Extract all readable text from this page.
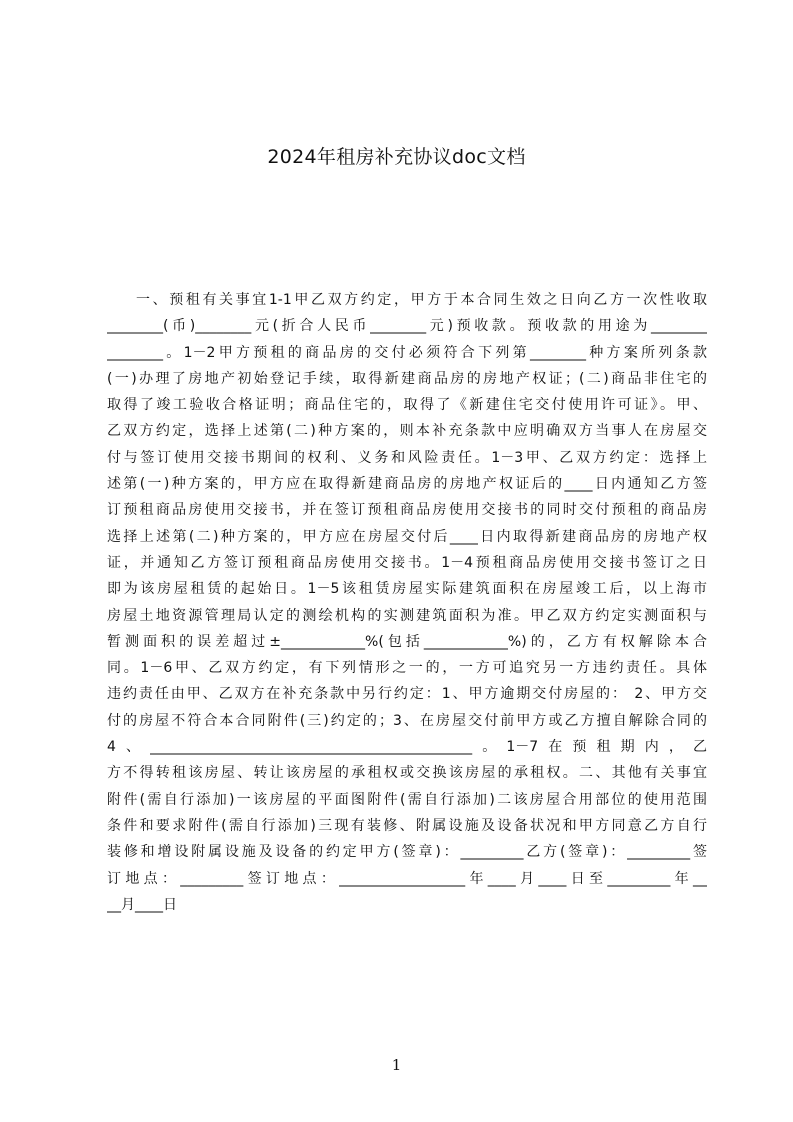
2024年租房补充协议doc文档
一、预租有关事宜1-1甲乙双方约定，甲方于本合同生效之日向乙方一次性收取
________(币)________元(折合人民币________元)预收款。预收款的用途为________
________。1－2甲方预租的商品房的交付必须符合下列第________种方案所列条款
(一)办理了房地产初始登记手续，取得新建商品房的房地产权证；(二)商品非住宅的
取得了竣工验收合格证明；商品住宅的，取得了《新建住宅交付使用许可证》。甲、
乙双方约定，选择上述第(二)种方案的，则本补充条款中应明确双方当事人在房屋交
付与签订使用交接书期间的权利、义务和风险责任。1－3甲、乙双方约定：选择上
述第(一)种方案的，甲方应在取得新建商品房的房地产权证后的____日内通知乙方签
订预租商品房使用交接书，并在签订预租商品房使用交接书的同时交付预租的商品房
选择上述第(二)种方案的，甲方应在房屋交付后____日内取得新建商品房的房地产权
证，并通知乙方签订预租商品房使用交接书。1－4预租商品房使用交接书签订之日
即为该房屋租赁的起始日。1－5该租赁房屋实际建筑面积在房屋竣工后，以上海市
房屋土地资源管理局认定的测绘机构的实测建筑面积为准。甲乙双方约定实测面积与
暂测面积的误差超过±____________%(包括____________%)的，乙方有权解除本合
同。1－6甲、乙双方约定，有下列情形之一的，一方可追究另一方违约责任。具体
违约责任由甲、乙双方在补充条款中另行约定：1、甲方逾期交付房屋的： 2、甲方交
付的房屋不符合本合同附件(三)约定的；3、在房屋交付前甲方或乙方擅自解除合同的
4、______________________________________________。1－7在预租期内，乙
方不得转租该房屋、转让该房屋的承租权或交换该房屋的承租权。二、其他有关事宜
附件(需自行添加)一该房屋的平面图附件(需自行添加)二该房屋合用部位的使用范围
条件和要求附件(需自行添加)三现有装修、附属设施及设备状况和甲方同意乙方自行
装修和增设附属设施及设备的约定甲方(签章)：_________乙方(签章)：_________签
订地点：_________签订地点：__________________年____月____日至_________年__
__月____日
1
